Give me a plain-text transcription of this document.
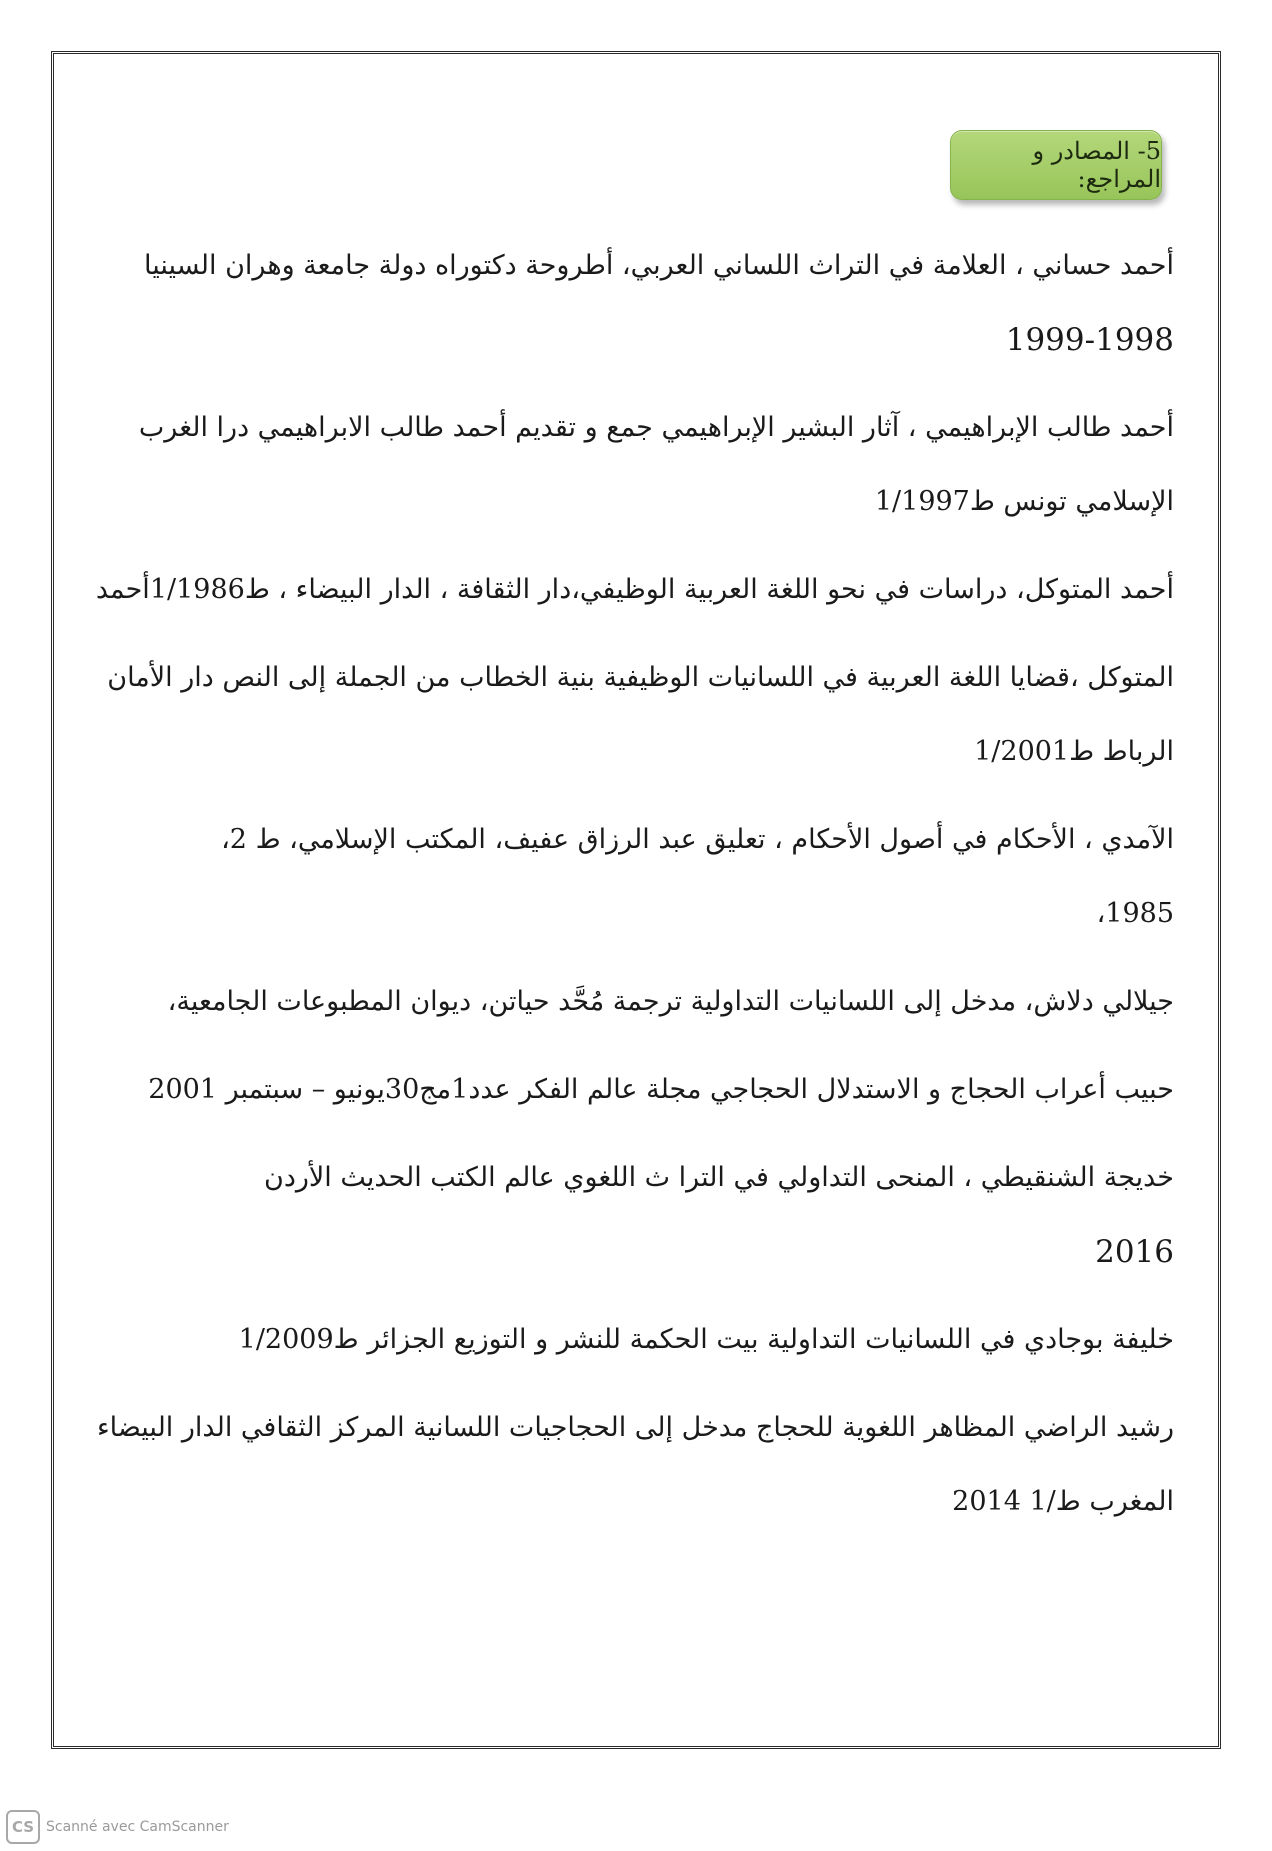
5- المصادر و المراجع:

أحمد حساني ، العلامة في التراث اللساني العربي، أطروحة دكتوراه دولة جامعة وهران السينيا
1999-1998

أحمد طالب الإبراهيمي ، آثار البشير الإبراهيمي جمع و تقديم أحمد طالب الابراهيمي درا الغرب
الإسلامي تونس ط1/1997

أحمد المتوكل، دراسات في نحو اللغة العربية الوظيفي،دار الثقافة ، الدار البيضاء ، ط1/1986أحمد

المتوكل ،قضايا اللغة العربية في اللسانيات الوظيفية بنية الخطاب من الجملة إلى النص دار الأمان
الرباط ط1/2001

الآمدي ، الأحكام في أصول الأحكام ، تعليق عبد الرزاق عفيف، المكتب الإسلامي، ط 2،
1985،

جيلالي دلاش، مدخل إلى اللسانيات التداولية ترجمة مُحَّد حياتن، ديوان المطبوعات الجامعية،

حبيب أعراب الحجاج و الاستدلال الحجاجي مجلة عالم الفكر عدد1مج30يونيو – سبتمبر 2001

خديجة الشنقيطي ، المنحى التداولي في الترا ث اللغوي عالم الكتب الحديث الأردن
2016

خليفة بوجادي في اللسانيات التداولية بيت الحكمة للنشر و التوزيع الجزائر ط1/2009

رشيد الراضي المظاهر اللغوية للحجاج مدخل إلى الحجاجيات اللسانية المركز الثقافي الدار البيضاء
المغرب ط/1 2014

CS Scanné avec CamScanner
